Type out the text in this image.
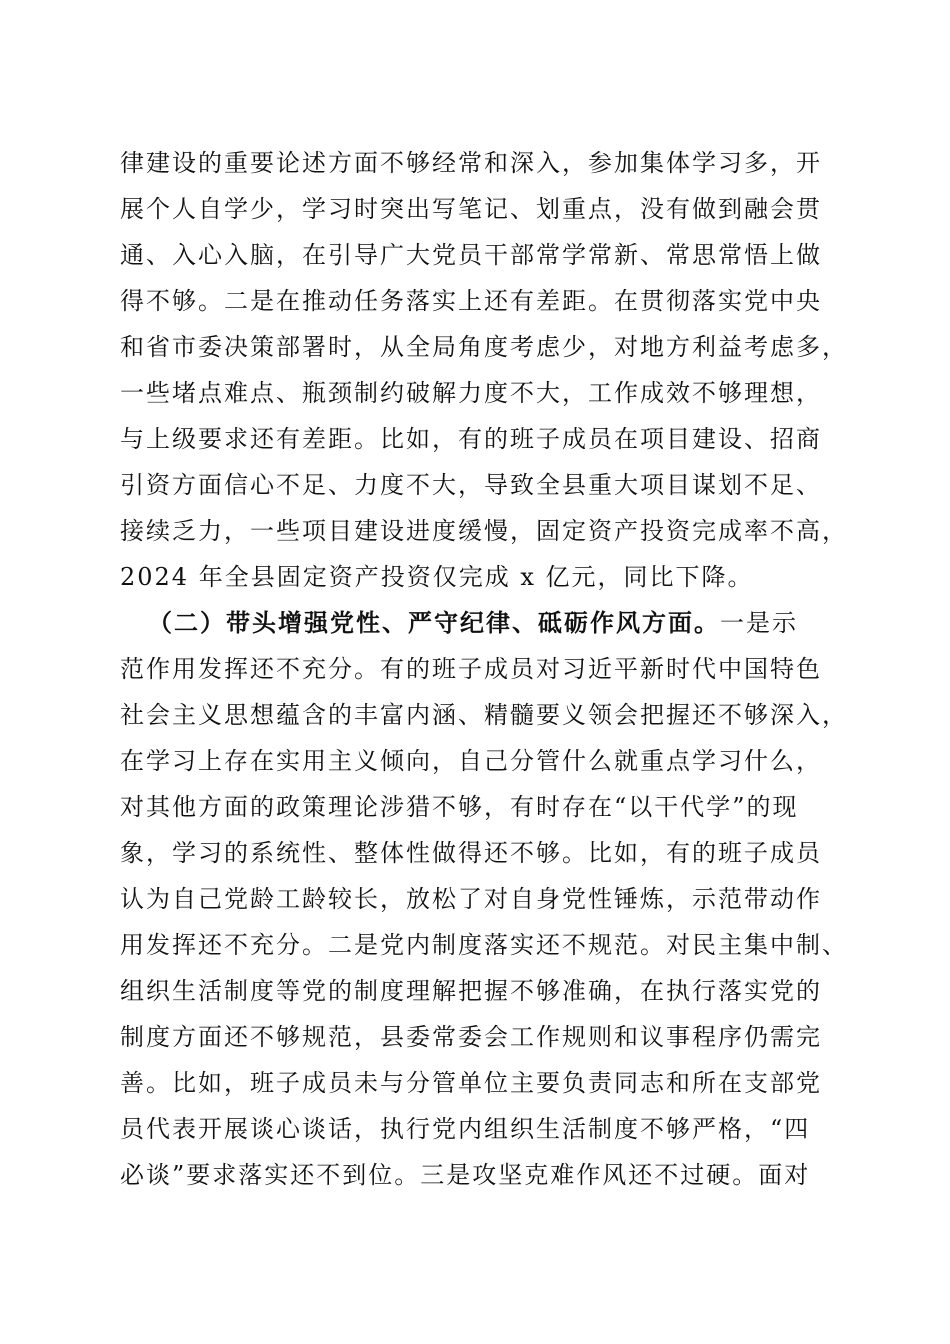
律建设的重要论述方面不够经常和深入，参加集体学习多，开
展个人自学少，学习时突出写笔记、划重点，没有做到融会贯
通、入心入脑，在引导广大党员干部常学常新、常思常悟上做
得不够。二是在推动任务落实上还有差距。在贯彻落实党中央
和省市委决策部署时，从全局角度考虑少，对地方利益考虑多，
一些堵点难点、瓶颈制约破解力度不大，工作成效不够理想，
与上级要求还有差距。比如，有的班子成员在项目建设、招商
引资方面信心不足、力度不大，导致全县重大项目谋划不足、
接续乏力，一些项目建设进度缓慢，固定资产投资完成率不高，
2024 年全县固定资产投资仅完成 x 亿元，同比下降。
（二）带头增强党性、严守纪律、砥砺作风方面。一是示
范作用发挥还不充分。有的班子成员对习近平新时代中国特色
社会主义思想蕴含的丰富内涵、精髓要义领会把握还不够深入，
在学习上存在实用主义倾向，自己分管什么就重点学习什么，
对其他方面的政策理论涉猎不够，有时存在“以干代学”的现
象，学习的系统性、整体性做得还不够。比如，有的班子成员
认为自己党龄工龄较长，放松了对自身党性锤炼，示范带动作
用发挥还不充分。二是党内制度落实还不规范。对民主集中制、
组织生活制度等党的制度理解把握不够准确，在执行落实党的
制度方面还不够规范，县委常委会工作规则和议事程序仍需完
善。比如，班子成员未与分管单位主要负责同志和所在支部党
员代表开展谈心谈话，执行党内组织生活制度不够严格，“四
必谈”要求落实还不到位。三是攻坚克难作风还不过硬。面对
